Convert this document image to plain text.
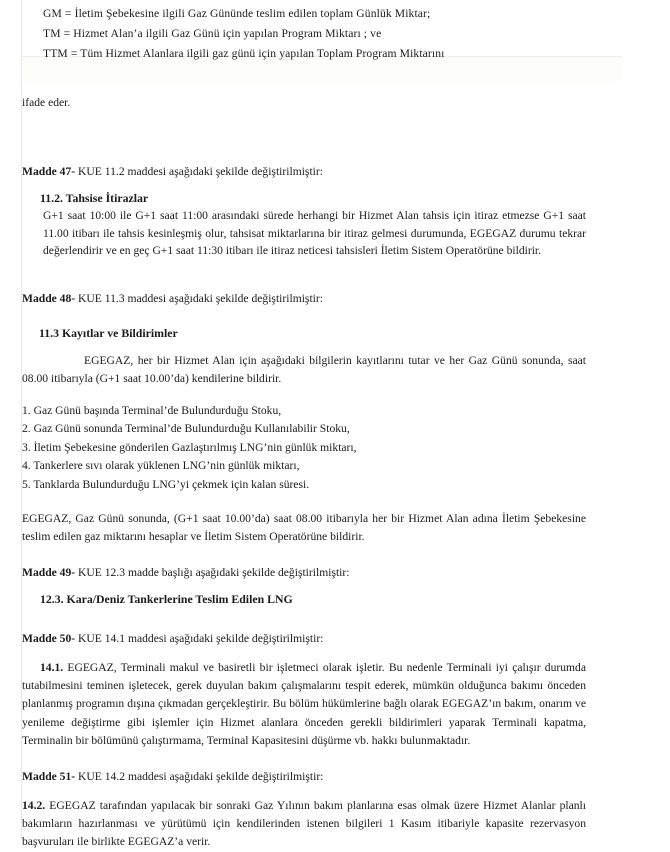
GM = İletim Şebekesine ilgili Gaz Gününde teslim edilen toplam Günlük Miktar;
TM = Hizmet Alan’a ilgili Gaz Günü için yapılan Program Miktarı ; ve
TTM = Tüm Hizmet Alanlara ilgili gaz günü için yapılan Toplam Program Miktarını
ifade eder.
Madde 47- KUE 11.2 maddesi aşağıdaki şekilde değiştirilmiştir:
11.2. Tahsise İtirazlar
G+1 saat 10:00 ile G+1 saat 11:00 arasındaki sürede herhangi bir Hizmet Alan tahsis için itiraz etmezse G+1 saat 11.00 itibarı ile tahsis kesinleşmiş olur, tahsisat miktarlarına bir itiraz gelmesi durumunda, EGEGAZ durumu tekrar değerlendirir ve en geç G+1 saat 11:30 itibarı ile itiraz neticesi tahsisleri İletim Sistem Operatörüne bildirir.
Madde 48- KUE 11.3 maddesi aşağıdaki şekilde değiştirilmiştir:
11.3 Kayıtlar ve Bildirimler
EGEGAZ, her bir Hizmet Alan için aşağıdaki bilgilerin kayıtlarını tutar ve her Gaz Günü sonunda, saat 08.00 itibarıyla (G+1 saat 10.00’da) kendilerine bildirir.
1. Gaz Günü başında Terminal’de Bulundurduğu Stoku,
2. Gaz Günü sonunda Terminal’de Bulundurduğu Kullanılabilir Stoku,
3. İletim Şebekesine gönderilen Gazlaştırılmış LNG’nin günlük miktarı,
4. Tankerlere sıvı olarak yüklenen LNG’nin günlük miktarı,
5. Tanklarda Bulundurduğu LNG’yi çekmek için kalan süresi.
EGEGAZ, Gaz Günü sonunda, (G+1 saat 10.00’da) saat 08.00 itibarıyla her bir Hizmet Alan adına İletim Şebekesine teslim edilen gaz miktarını hesaplar ve İletim Sistem Operatörüne bildirir.
Madde 49- KUE 12.3 madde başlığı aşağıdaki şekilde değiştirilmiştir:
12.3. Kara/Deniz Tankerlerine Teslim Edilen LNG
Madde 50- KUE 14.1 maddesi aşağıdaki şekilde değiştirilmiştir:
14.1. EGEGAZ, Terminali makul ve basiretli bir işletmeci olarak işletir. Bu nedenle Terminali iyi çalışır durumda tutabilmesini teminen işletecek, gerek duyulan bakım çalışmalarını tespit ederek, mümkün olduğunca bakımı önceden planlanmış programın dışına çıkmadan gerçekleştirir. Bu bölüm hükümlerine bağlı olarak EGEGAZ’ın bakım, onarım ve yenileme değiştirme gibi işlemler için Hizmet alanlara önceden gerekli bildirimleri yaparak Terminali kapatma, Terminalin bir bölümünü çalıştırmama, Terminal Kapasitesini düşürme vb. hakkı bulunmaktadır.
Madde 51- KUE 14.2 maddesi aşağıdaki şekilde değiştirilmiştir:
14.2. EGEGAZ tarafından yapılacak bir sonraki Gaz Yılının bakım planlarına esas olmak üzere Hizmet Alanlar planlı bakımların hazırlanması ve yürütümü için kendilerinden istenen bilgileri 1 Kasım itibariyle kapasite rezervasyon başvuruları ile birlikte EGEGAZ’a verir.
